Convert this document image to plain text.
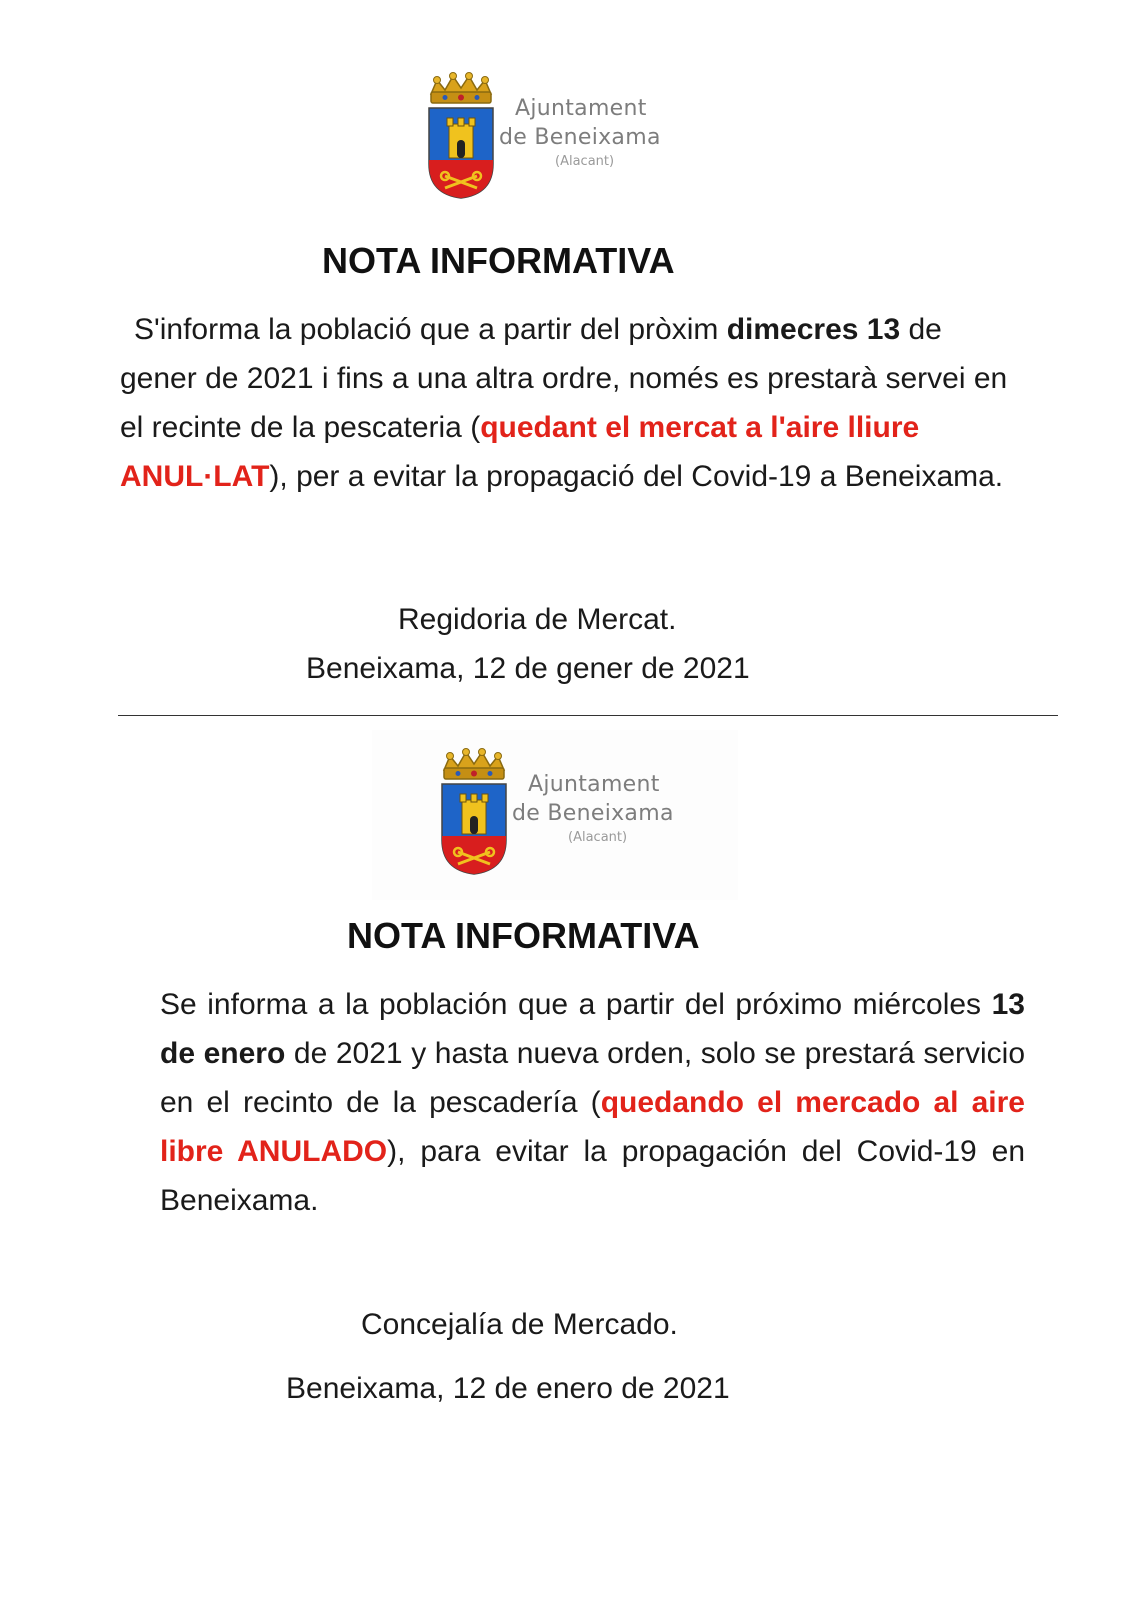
Ajuntament
de Beneixama
(Alacant)
NOTA INFORMATIVA
S'informa la població que a partir del pròxim dimecres 13 de gener de 2021 i fins a una altra ordre, només es prestarà servei en el recinte de la pescateria (quedant el mercat a l'aire lliure ANUL·LAT), per a evitar la propagació del Covid-19 a Beneixama.
Regidoria de Mercat.
Beneixama, 12 de gener de 2021
Ajuntament
de Beneixama
(Alacant)
NOTA INFORMATIVA
Se informa a la población que a partir del próximo miércoles 13 de enero de 2021 y hasta nueva orden, solo se prestará servicio en el recinto de la pescadería (quedando el mercado al aire libre ANULADO), para evitar la propagación del Covid-19 en Beneixama.
Concejalía de Mercado.
Beneixama, 12 de enero de 2021
